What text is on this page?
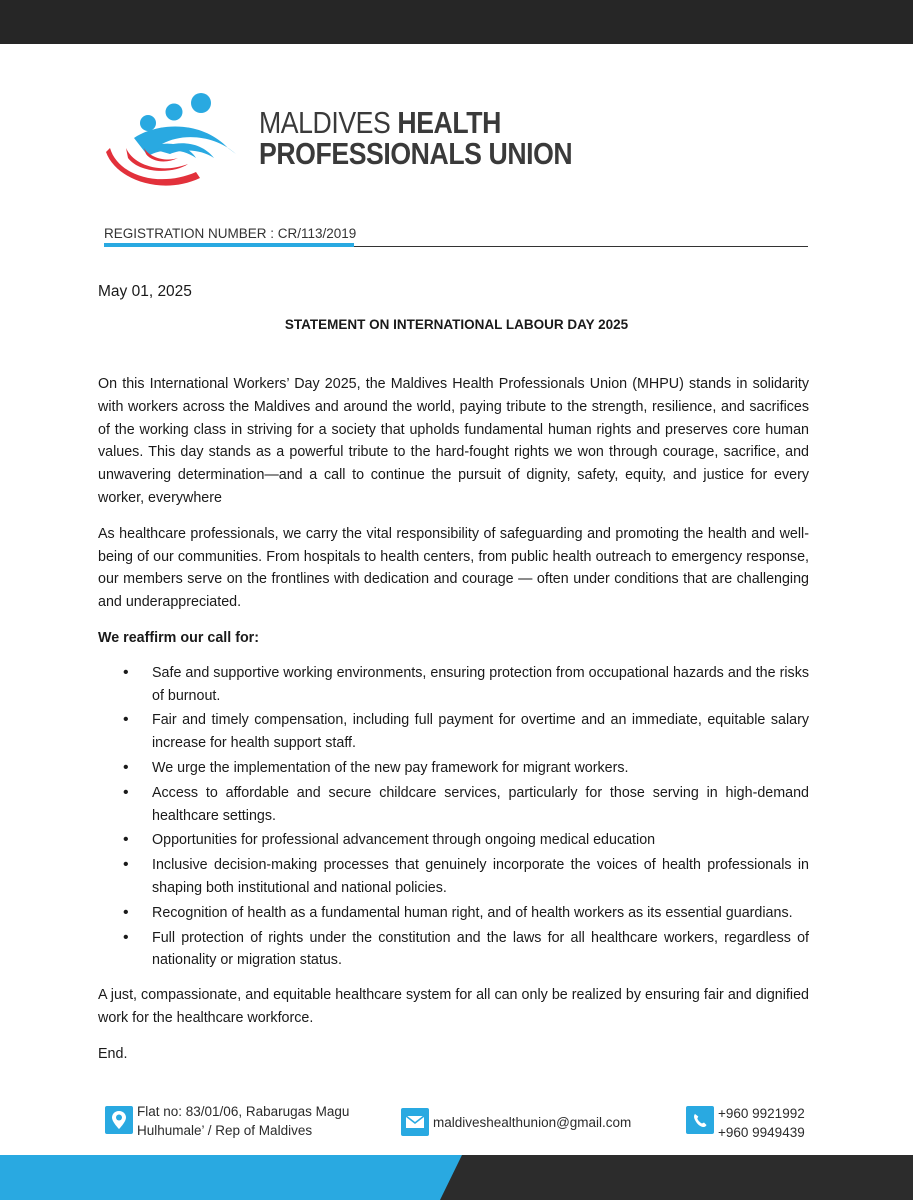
MALDIVES HEALTH
PROFESSIONALS UNION
REGISTRATION NUMBER : CR/113/2019
May 01, 2025
STATEMENT ON INTERNATIONAL LABOUR DAY 2025

On this International Workers’ Day 2025, the Maldives Health Professionals Union (MHPU) stands in solidarity with workers across the Maldives and around the world, paying tribute to the strength, resilience, and sacrifices of the working class in striving for a society that upholds fundamental human rights and preserves core human values. This day stands as a powerful tribute to the hard-fought rights we won through courage, sacrifice, and unwavering determination—and a call to continue the pursuit of dignity, safety, equity, and justice for every worker, everywhere

As healthcare professionals, we carry the vital responsibility of safeguarding and promoting the health and well-being of our communities. From hospitals to health centers, from public health outreach to emergency response, our members serve on the frontlines with dedication and courage — often under conditions that are challenging and underappreciated.

We reaffirm our call for:

• Safe and supportive working environments, ensuring protection from occupational hazards and the risks of burnout.
• Fair and timely compensation, including full payment for overtime and an immediate, equitable salary increase for health support staff.
• We urge the implementation of the new pay framework for migrant workers.
• Access to affordable and secure childcare services, particularly for those serving in high-demand healthcare settings.
• Opportunities for professional advancement through ongoing medical education
• Inclusive decision-making processes that genuinely incorporate the voices of health professionals in shaping both institutional and national policies.
• Recognition of health as a fundamental human right, and of health workers as its essential guardians.
• Full protection of rights under the constitution and the laws for all healthcare workers, regardless of nationality or migration status.

A just, compassionate, and equitable healthcare system for all can only be realized by ensuring fair and dignified work for the healthcare workforce.

End.

Flat no: 83/01/06, Rabarugas Magu
Hulhumale’ / Rep of Maldives
maldiveshealthunion@gmail.com
+960 9921992
+960 9949439
